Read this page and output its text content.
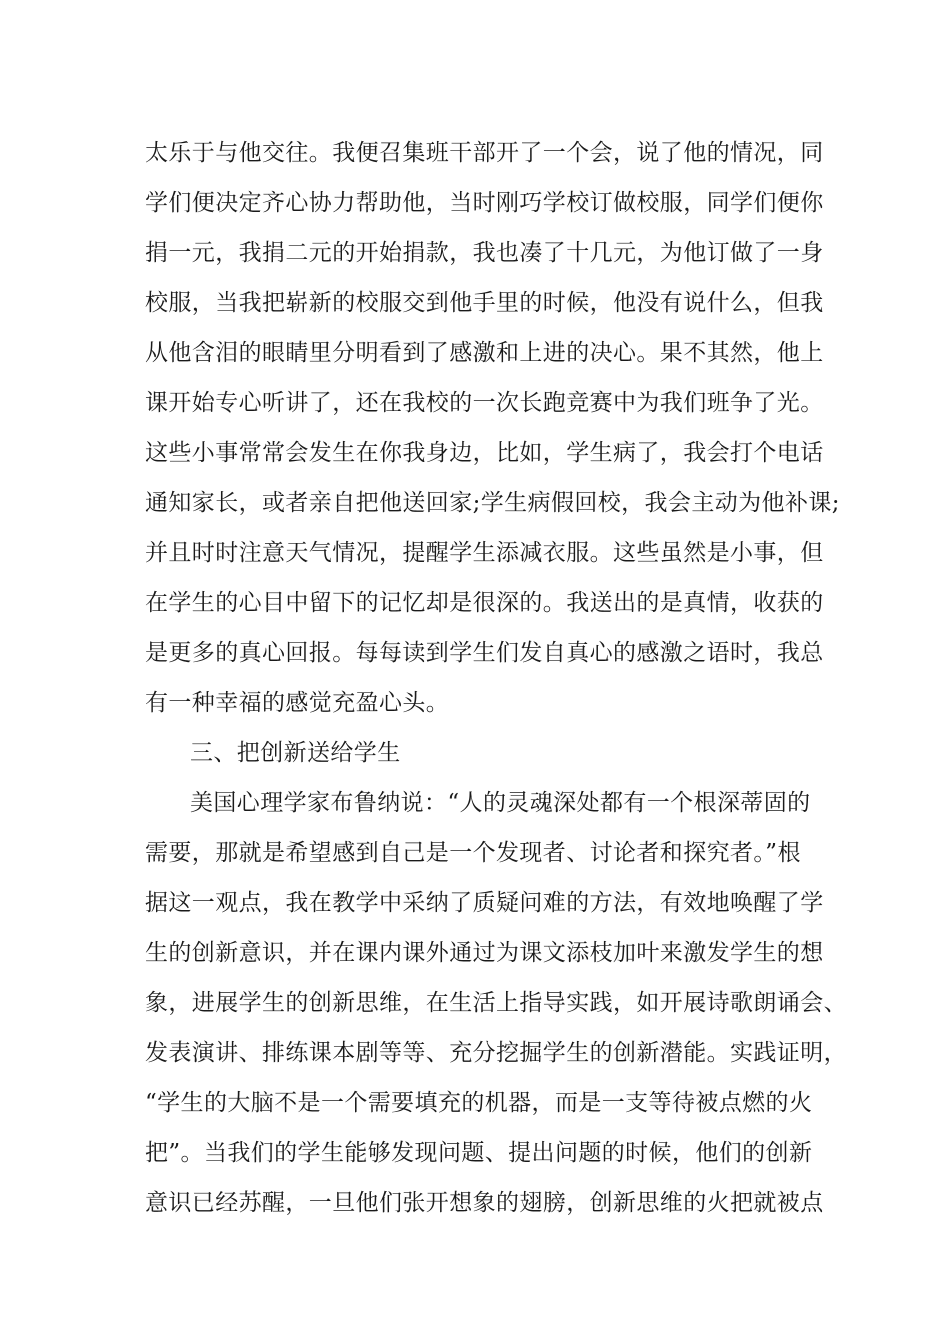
太乐于与他交往。我便召集班干部开了一个会，说了他的情况，同
学们便决定齐心协力帮助他，当时刚巧学校订做校服，同学们便你
捐一元，我捐二元的开始捐款，我也凑了十几元，为他订做了一身
校服，当我把崭新的校服交到他手里的时候，他没有说什么，但我
从他含泪的眼睛里分明看到了感激和上进的决心。果不其然，他上
课开始专心听讲了，还在我校的一次长跑竞赛中为我们班争了光。
这些小事常常会发生在你我身边，比如，学生病了，我会打个电话
通知家长，或者亲自把他送回家;学生病假回校，我会主动为他补课;
并且时时注意天气情况，提醒学生添减衣服。这些虽然是小事，但
在学生的心目中留下的记忆却是很深的。我送出的是真情，收获的
是更多的真心回报。每每读到学生们发自真心的感激之语时，我总
有一种幸福的感觉充盈心头。
三、把创新送给学生
美国心理学家布鲁纳说：“人的灵魂深处都有一个根深蒂固的
需要，那就是希望感到自己是一个发现者、讨论者和探究者。”根
据这一观点，我在教学中采纳了质疑问难的方法，有效地唤醒了学
生的创新意识，并在课内课外通过为课文添枝加叶来激发学生的想
象，进展学生的创新思维，在生活上指导实践，如开展诗歌朗诵会、
发表演讲、排练课本剧等等、充分挖掘学生的创新潜能。实践证明，
“学生的大脑不是一个需要填充的机器，而是一支等待被点燃的火
把”。当我们的学生能够发现问题、提出问题的时候，他们的创新
意识已经苏醒，一旦他们张开想象的翅膀，创新思维的火把就被点
